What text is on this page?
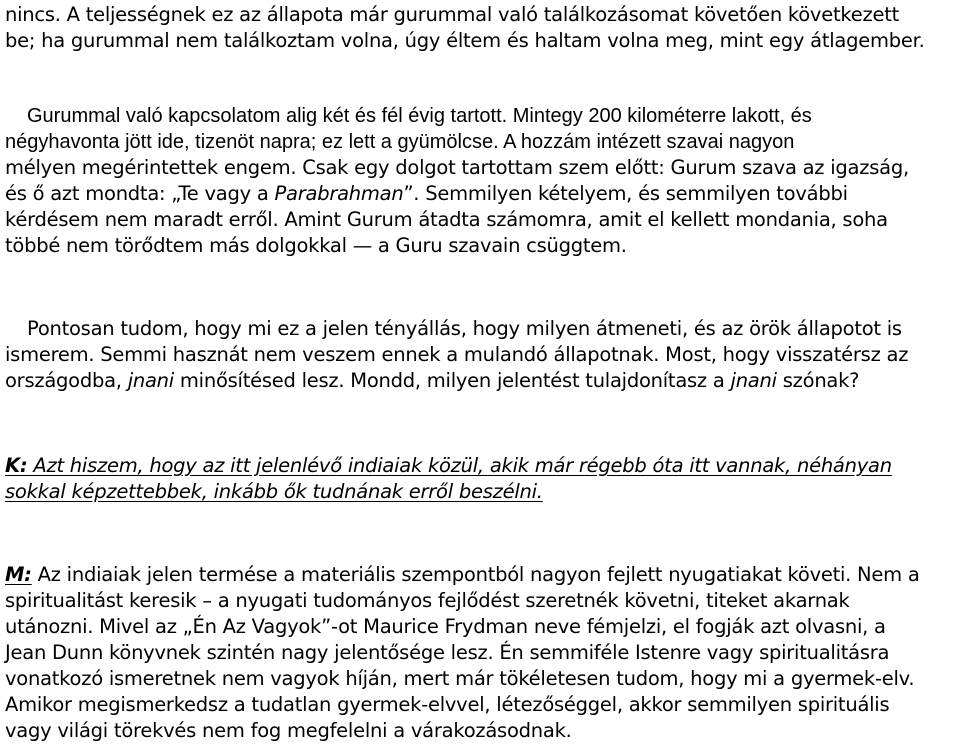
nincs. A teljességnek ez az állapota már gurummal való találkozásomat követően következett
be; ha gurummal nem találkoztam volna, úgy éltem és haltam volna meg, mint egy átlagember.
Gurummal való kapcsolatom alig két és fél évig tartott. Mintegy 200 kilométerre lakott, és
négyhavonta jött ide, tizenöt napra; ez lett a gyümölcse. A hozzám intézett szavai nagyon
mélyen megérintettek engem. Csak egy dolgot tartottam szem előtt: Gurum szava az igazság,
és ő azt mondta: „Te vagy a Parabrahman”. Semmilyen kételyem, és semmilyen további
kérdésem nem maradt erről. Amint Gurum átadta számomra, amit el kellett mondania, soha
többé nem törődtem más dolgokkal — a Guru szavain csüggtem.
Pontosan tudom, hogy mi ez a jelen tényállás, hogy milyen átmeneti, és az örök állapotot is
ismerem. Semmi hasznát nem veszem ennek a mulandó állapotnak. Most, hogy visszatérsz az
országodba, jnani minősítésed lesz. Mondd, milyen jelentést tulajdonítasz a jnani szónak?
K: Azt hiszem, hogy az itt jelenlévő indiaiak közül, akik már régebb óta itt vannak, néhányan
sokkal képzettebbek, inkább ők tudnának erről beszélni.
M: Az indiaiak jelen termése a materiális szempontból nagyon fejlett nyugatiakat követi. Nem a
spiritualitást keresik – a nyugati tudományos fejlődést szeretnék követni, titeket akarnak
utánozni. Mivel az „Én Az Vagyok”-ot Maurice Frydman neve fémjelzi, el fogják azt olvasni, a
Jean Dunn könyvnek szintén nagy jelentősége lesz. Én semmiféle Istenre vagy spiritualitásra
vonatkozó ismeretnek nem vagyok híján, mert már tökéletesen tudom, hogy mi a gyermek-elv.
Amikor megismerkedsz a tudatlan gyermek-elvvel, létezőséggel, akkor semmilyen spirituális
vagy világi törekvés nem fog megfelelni a várakozásodnak.
